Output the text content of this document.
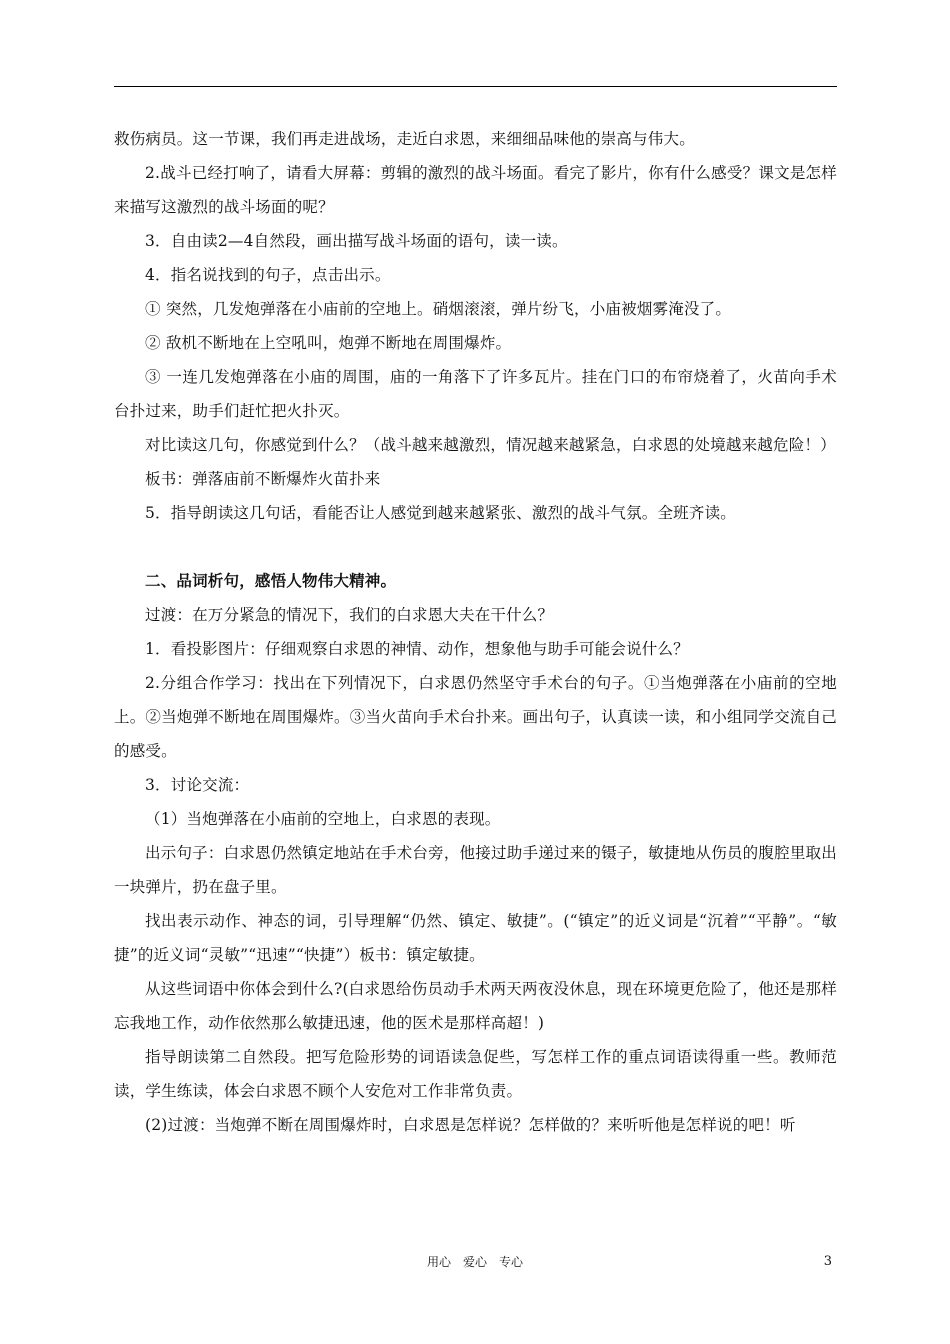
救伤病员。这一节课，我们再走进战场，走近白求恩，来细细品味他的崇高与伟大。

2.战斗已经打响了，请看大屏幕：剪辑的激烈的战斗场面。看完了影片，你有什么感受？课文是怎样来描写这激烈的战斗场面的呢？

3．自由读2—4自然段，画出描写战斗场面的语句，读一读。

4．指名说找到的句子，点击出示。

① 突然，几发炮弹落在小庙前的空地上。硝烟滚滚，弹片纷飞，小庙被烟雾淹没了。

② 敌机不断地在上空吼叫，炮弹不断地在周围爆炸。

③ 一连几发炮弹落在小庙的周围，庙的一角落下了许多瓦片。挂在门口的布帘烧着了，火苗向手术台扑过来，助手们赶忙把火扑灭。

对比读这几句，你感觉到什么？（战斗越来越激烈，情况越来越紧急，白求恩的处境越来越危险！）

板书：弹落庙前不断爆炸火苗扑来

5．指导朗读这几句话，看能否让人感觉到越来越紧张、激烈的战斗气氛。全班齐读。

二、品词析句，感悟人物伟大精神。

过渡：在万分紧急的情况下，我们的白求恩大夫在干什么？

1．看投影图片：仔细观察白求恩的神情、动作，想象他与助手可能会说什么？

2.分组合作学习：找出在下列情况下，白求恩仍然坚守手术台的句子。①当炮弹落在小庙前的空地上。②当炮弹不断地在周围爆炸。③当火苗向手术台扑来。画出句子，认真读一读，和小组同学交流自己的感受。

3．讨论交流：

（1）当炮弹落在小庙前的空地上，白求恩的表现。

出示句子：白求恩仍然镇定地站在手术台旁，他接过助手递过来的镊子，敏捷地从伤员的腹腔里取出一块弹片，扔在盘子里。

找出表示动作、神态的词，引导理解“仍然、镇定、敏捷”。(“镇定”的近义词是“沉着”“平静”。“敏捷”的近义词“灵敏”“迅速”“快捷”）板书：镇定敏捷。

从这些词语中你体会到什么?(白求恩给伤员动手术两天两夜没休息，现在环境更危险了，他还是那样忘我地工作，动作依然那么敏捷迅速，他的医术是那样高超！)

指导朗读第二自然段。把写危险形势的词语读急促些，写怎样工作的重点词语读得重一些。教师范读，学生练读，体会白求恩不顾个人安危对工作非常负责。

(2)过渡：当炮弹不断在周围爆炸时，白求恩是怎样说？怎样做的？来听听他是怎样说的吧！听

用心　爱心　专心	3
